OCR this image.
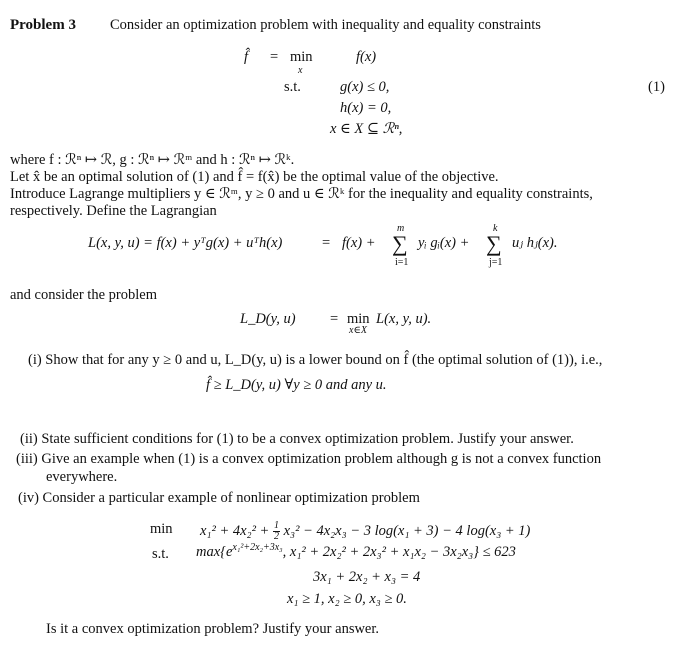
Problem 3 Consider an optimization problem with inequality and equality constraints
f̂ = min
x
f(x)
s.t.	g(x) ≤ 0,
h(x) = 0,
x ∈ X ⊆ ℛⁿ,
(1)
where f : ℛⁿ ↦ ℛ, g : ℛⁿ ↦ ℛᵐ and h : ℛⁿ ↦ ℛᵏ.
Let x̂ be an optimal solution of (1) and f̂ = f(x̂) be the optimal value of the objective.
Introduce Lagrange multipliers y ∈ ℛᵐ, y ≥ 0 and u ∈ ℛᵏ for the inequality and equality constraints,
respectively. Define the Lagrangian
L(x, y, u) = f(x) + yᵀg(x) + uᵀh(x)	= f(x) +
m
∑
i=1
yᵢ gᵢ(x) +
k
∑
j=1
uⱼ hⱼ(x).
and consider the problem
L_D(y, u) = min
x∈X
L(x, y, u).
(i) Show that for any y ≥ 0 and u, L_D(y, u) is a lower bound on f̂ (the optimal solution of (1)), i.e.,
f̂ ≥ L_D(y, u) ∀y ≥ 0 and any u.
(ii) State sufficient conditions for (1) to be a convex optimization problem. Justify your answer.
(iii) Give an example when (1) is a convex optimization problem although g is not a convex function
everywhere.
(iv) Consider a particular example of nonlinear optimization problem
$\min x_1^2 + 4x_2^2 + \frac{1}{2} x_3^2 - 4x_2x_3 - 3$ log(x₁ + 3) − 4 log(x₃ + 1)
s.t. $\max\{e^{x_1^2+2x_2+3x_3}$, x₁² + 2x₂² + 2x₃² + x₁x₂ − 3x₂x₃} ≤ 623
3x₁ + 2x₂ + x₃ = 4
x₁ ≥ 1, x₂ ≥ 0, x₃ ≥ 0.
Is it a convex optimization problem? Justify your answer.
